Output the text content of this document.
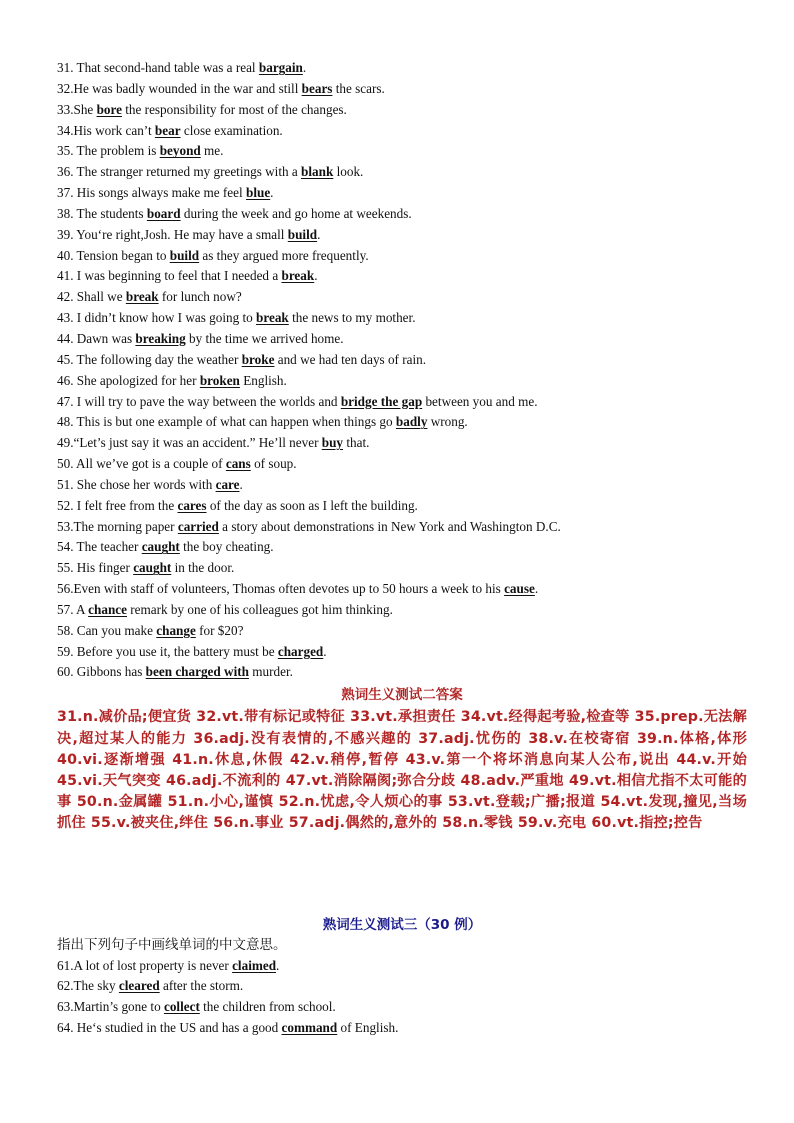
31. That second-hand table was a real bargain.
32.He was badly wounded in the war and still bears the scars.
33.She bore the responsibility for most of the changes.
34.His work can’t bear close examination.
35. The problem is beyond me.
36. The stranger returned my greetings with a blank look.
37. His songs always make me feel blue.
38. The students board during the week and go home at weekends.
39. You‘re right,Josh. He may have a small build.
40. Tension began to build as they argued more frequently.
41. I was beginning to feel that I needed a break.
42. Shall we break for lunch now?
43. I didn’t know how I was going to break the news to my mother.
44. Dawn was breaking by the time we arrived home.
45. The following day the weather broke and we had ten days of rain.
46. She apologized for her broken English.
47. I will try to pave the way between the worlds and bridge the gap between you and me.
48. This is but one example of what can happen when things go badly wrong.
49.“Let’s just say it was an accident.” He’ll never buy that.
50. All we’ve got is a couple of cans of soup.
51. She chose her words with care.
52. I felt free from the cares of the day as soon as I left the building.
53.The morning paper carried a story about demonstrations in New York and Washington D.C.
54. The teacher caught the boy cheating.
55. His finger caught in the door.
56.Even with staff of volunteers, Thomas often devotes up to 50 hours a week to his cause.
57. A chance remark by one of his colleagues got him thinking.
58. Can you make change for $20?
59. Before you use it, the battery must be charged.
60. Gibbons has been charged with murder.
熟词生义测试二答案
31.n.减价品;便宜货 32.vt.带有标记或特征 33.vt.承担责任 34.vt.经得起考验,检查等 35.prep.无法解决,超过某人的能力 36.adj.没有表情的,不感兴趣的 37.adj.忧伤的 38.v.在校寄宿 39.n.体格,体形 40.vi.逐渐增强 41.n.休息,休假 42.v.稍停,暂停 43.v.第一个将坏消息向某人公布,说出 44.v.开始 45.vi.天气突变 46.adj.不流利的 47.vt.消除隔阂;弥合分歧 48.adv.严重地 49.vt.相信尤指不太可能的事 50.n.金属罐 51.n.小心,谨慎 52.n.忧虑,令人烦心的事 53.vt.登载;广播;报道 54.vt.发现,撞见,当场抓住 55.v.被夹住,绊住 56.n.事业 57.adj.偶然的,意外的 58.n.零钱 59.v.充电 60.vt.指控;控告
熟词生义测试三（30 例）
指出下列句子中画线单词的中文意思。
61.A lot of lost property is never claimed.
62.The sky cleared after the storm.
63.Martin’s gone to collect the children from school.
64. He‘s studied in the US and has a good command of English.
